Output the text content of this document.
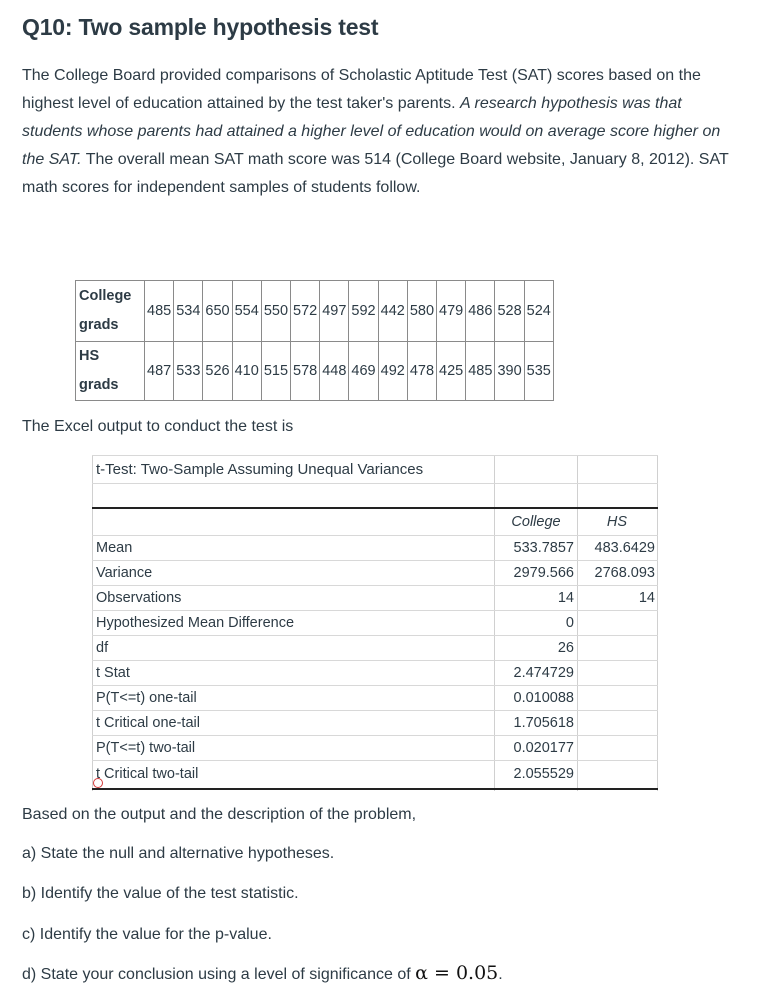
Q10: Two sample hypothesis test

The College Board provided comparisons of Scholastic Aptitude Test (SAT) scores based on the highest level of education attained by the test taker's parents. A research hypothesis was that students whose parents had attained a higher level of education would on average score higher on the SAT. The overall mean SAT math score was 514 (College Board website, January 8, 2012). SAT math scores for independent samples of students follow.

College
grads	485	534	650	554	550	572	497	592	442	580	479	486	528	524
HS
grads	487	533	526	410	515	578	448	469	492	478	425	485	390	535

The Excel output to conduct the test is

t-Test: Two-Sample Assuming Unequal Variances
College	HS
Mean	533.7857	483.6429
Variance	2979.566	2768.093
Observations	14	14
Hypothesized Mean Difference	0
df	26
t Stat	2.474729
P(T<=t) one-tail	0.010088
t Critical one-tail	1.705618
P(T<=t) two-tail	0.020177
t Critical two-tail	2.055529

Based on the output and the description of the problem,

a) State the null and alternative hypotheses.

b) Identify the value of the test statistic.

c) Identify the value for the p-value.

d) State your conclusion using a level of significance of α = 0.05.
